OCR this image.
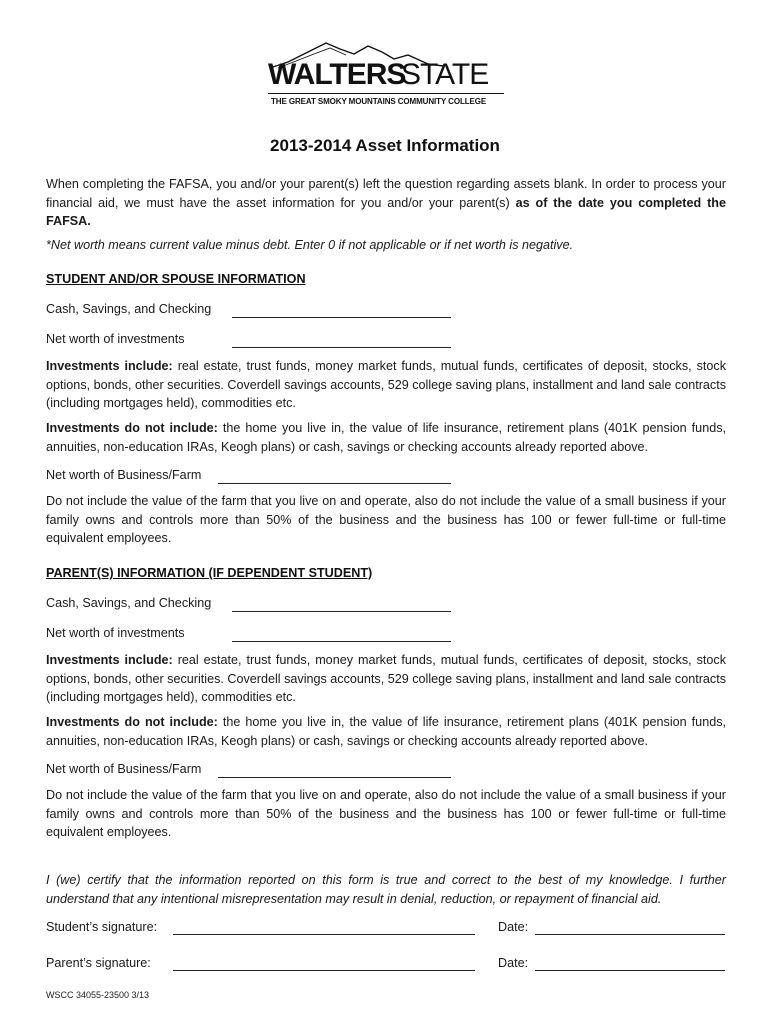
WALTERS
STATE
THE GREAT SMOKY MOUNTAINS COMMUNITY COLLEGE
2013-2014 Asset Information
When completing the FAFSA, you and/or your parent(s) left the question regarding assets blank. In order to process your financial aid, we must have the asset information for you and/or your parent(s) as of the date you completed the FAFSA.
*Net worth means current value minus debt. Enter 0 if not applicable or if net worth is negative.
STUDENT AND/OR SPOUSE INFORMATION
Cash, Savings, and Checking
Net worth of investments
Investments include: real estate, trust funds, money market funds, mutual funds, certificates of deposit, stocks, stock options, bonds, other securities. Coverdell savings accounts, 529 college saving plans, installment and land sale contracts (including mortgages held), commodities etc.
Investments do not include: the home you live in, the value of life insurance, retirement plans (401K pension funds, annuities, non-education IRAs, Keogh plans) or cash, savings or checking accounts already reported above.
Net worth of Business/Farm
Do not include the value of the farm that you live on and operate, also do not include the value of a small business if your family owns and controls more than 50% of the business and the business has 100 or fewer full-time or full-time equivalent employees.
PARENT(S) INFORMATION (IF DEPENDENT STUDENT)
Cash, Savings, and Checking
Net worth of investments
Investments include: real estate, trust funds, money market funds, mutual funds, certificates of deposit, stocks, stock options, bonds, other securities. Coverdell savings accounts, 529 college saving plans, installment and land sale contracts (including mortgages held), commodities etc.
Investments do not include: the home you live in, the value of life insurance, retirement plans (401K pension funds, annuities, non-education IRAs, Keogh plans) or cash, savings or checking accounts already reported above.
Net worth of Business/Farm
Do not include the value of the farm that you live on and operate, also do not include the value of a small business if your family owns and controls more than 50% of the business and the business has 100 or fewer full-time or full-time equivalent employees.
I (we) certify that the information reported on this form is true and correct to the best of my knowledge. I further understand that any intentional misrepresentation may result in denial, reduction, or repayment of financial aid.
Student’s signature:	Date:
Parent’s signature:	Date:
WSCC 34055-23500 3/13
